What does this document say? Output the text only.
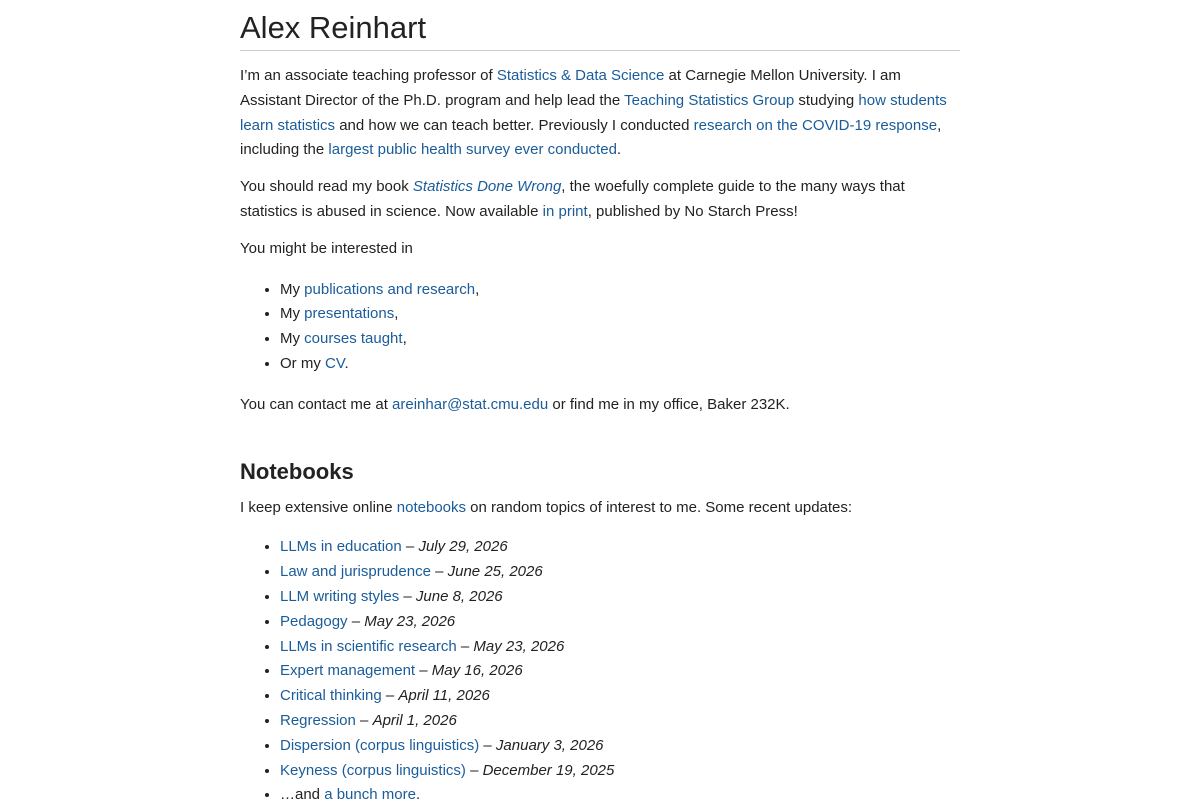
Alex Reinhart

I’m an associate teaching professor of Statistics & Data Science at Carnegie Mellon University. I am Assistant Director of the Ph.D. program and help lead the Teaching Statistics Group studying how students learn statistics and how we can teach better. Previously I conducted research on the COVID-19 response, including the largest public health survey ever conducted.

You should read my book Statistics Done Wrong, the woefully complete guide to the many ways that statistics is abused in science. Now available in print, published by No Starch Press!

You might be interested in

• My publications and research,
• My presentations,
• My courses taught,
• Or my CV.

You can contact me at areinhar@stat.cmu.edu or find me in my office, Baker 232K.

Notebooks

I keep extensive online notebooks on random topics of interest to me. Some recent updates:

• LLMs in education – July 29, 2026
• Law and jurisprudence – June 25, 2026
• LLM writing styles – June 8, 2026
• Pedagogy – May 23, 2026
• LLMs in scientific research – May 23, 2026
• Expert management – May 16, 2026
• Critical thinking – April 11, 2026
• Regression – April 1, 2026
• Dispersion (corpus linguistics) – January 3, 2026
• Keyness (corpus linguistics) – December 19, 2025
• …and a bunch more.
